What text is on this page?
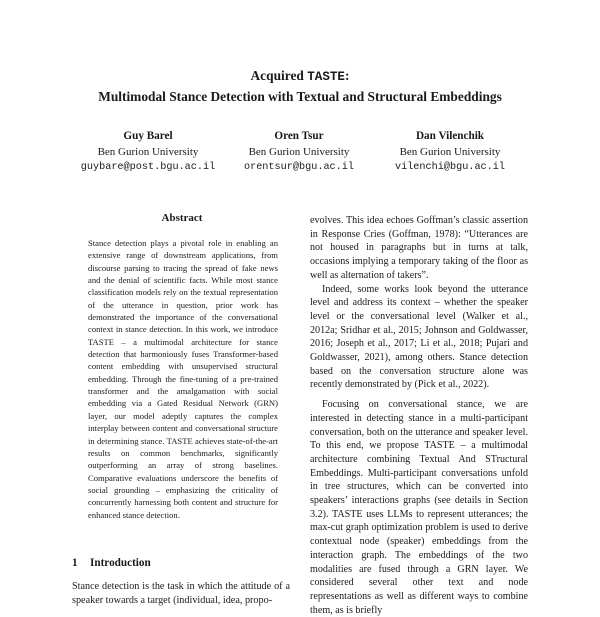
Acquired TASTE:
Multimodal Stance Detection with Textual and Structural Embeddings
Guy Barel
Ben Gurion University
guybare@post.bgu.ac.il
Oren Tsur
Ben Gurion University
orentsur@bgu.ac.il
Dan Vilenchik
Ben Gurion University
vilenchi@bgu.ac.il
Abstract
Stance detection plays a pivotal role in enabling an extensive range of downstream applications, from discourse parsing to tracing the spread of fake news and the denial of scientific facts. While most stance classification models rely on the textual representation of the utterance in question, prior work has demonstrated the importance of the conversational context in stance detection. In this work, we introduce TASTE – a multimodal architecture for stance detection that harmoniously fuses Transformer-based content embedding with unsupervised structural embedding. Through the fine-tuning of a pre-trained transformer and the amalgamation with social embedding via a Gated Residual Network (GRN) layer, our model adeptly captures the complex interplay between content and conversational structure in determining stance. TASTE achieves state-of-the-art results on common benchmarks, significantly outperforming an array of strong baselines. Comparative evaluations underscore the benefits of social grounding – emphasizing the criticality of concurrently harnessing both content and structure for enhanced stance detection.
1 Introduction
Stance detection is the task in which the attitude of a speaker towards a target (individual, idea, propo-

evolves. This idea echoes Goffman’s classic assertion in Response Cries (Goffman, 1978): “Utterances are not housed in paragraphs but in turns at talk, occasions implying a temporary taking of the floor as well as alternation of takers”.

Indeed, some works look beyond the utterance level and address its context – whether the speaker level or the conversational level (Walker et al., 2012a; Sridhar et al., 2015; Johnson and Goldwasser, 2016; Joseph et al., 2017; Li et al., 2018; Pujari and Goldwasser, 2021), among others. Stance detection based on the conversation structure alone was recently demonstrated by (Pick et al., 2022).

Focusing on conversational stance, we are interested in detecting stance in a multi-participant conversation, both on the utterance and speaker level. To this end, we propose TASTE – a multimodal architecture combining Textual And STructural Embeddings. Multi-participant conversations unfold in tree structures, which can be converted into speakers’ interactions graphs (see details in Section 3.2). TASTE uses LLMs to represent utterances; the max-cut graph optimization problem is used to derive contextual node (speaker) embeddings from the interaction graph. The embeddings of the two modalities are fused through a GRN layer. We considered several other text and node representations as well as different ways to combine them, as is briefly
